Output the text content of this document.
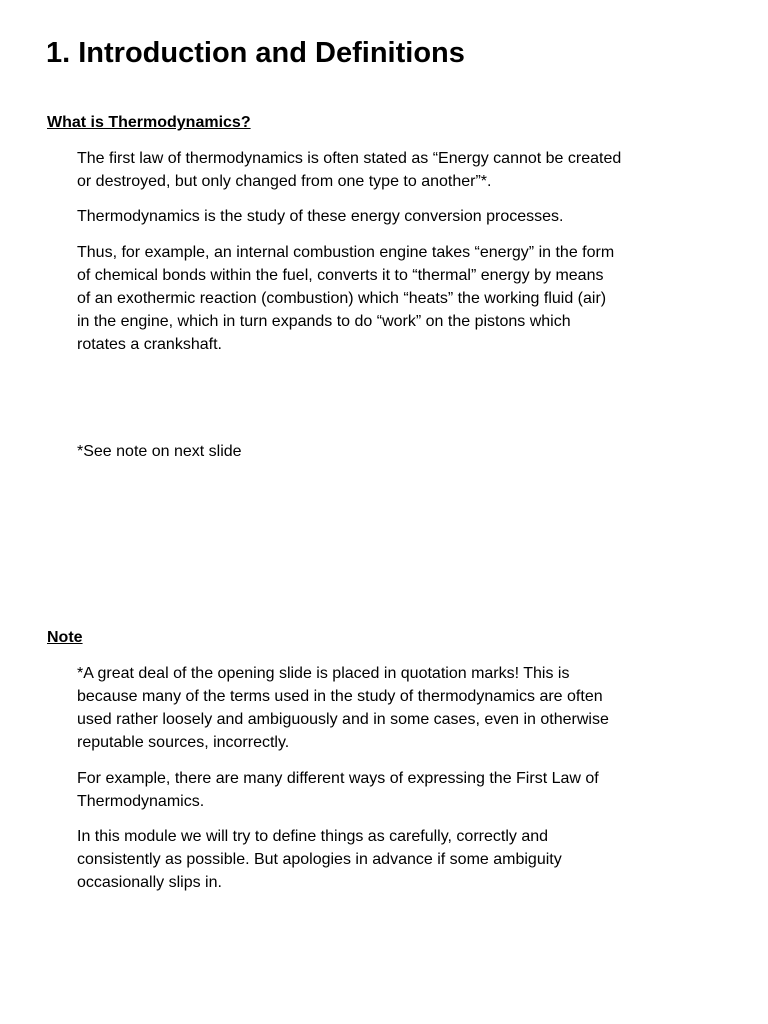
1. Introduction and Definitions
What is Thermodynamics?

The first law of thermodynamics is often stated as “Energy cannot be created
or destroyed, but only changed from one type to another”*.

Thermodynamics is the study of these energy conversion processes.

Thus, for example, an internal combustion engine takes “energy” in the form
of chemical bonds within the fuel, converts it to “thermal” energy by means
of an exothermic reaction (combustion) which “heats” the working fluid (air)
in the engine, which in turn expands to do “work” on the pistons which
rotates a crankshaft.

*See note on next slide

Note

*A great deal of the opening slide is placed in quotation marks! This is
because many of the terms used in the study of thermodynamics are often
used rather loosely and ambiguously and in some cases, even in otherwise
reputable sources, incorrectly.

For example, there are many different ways of expressing the First Law of
Thermodynamics.

In this module we will try to define things as carefully, correctly and
consistently as possible. But apologies in advance if some ambiguity
occasionally slips in.
